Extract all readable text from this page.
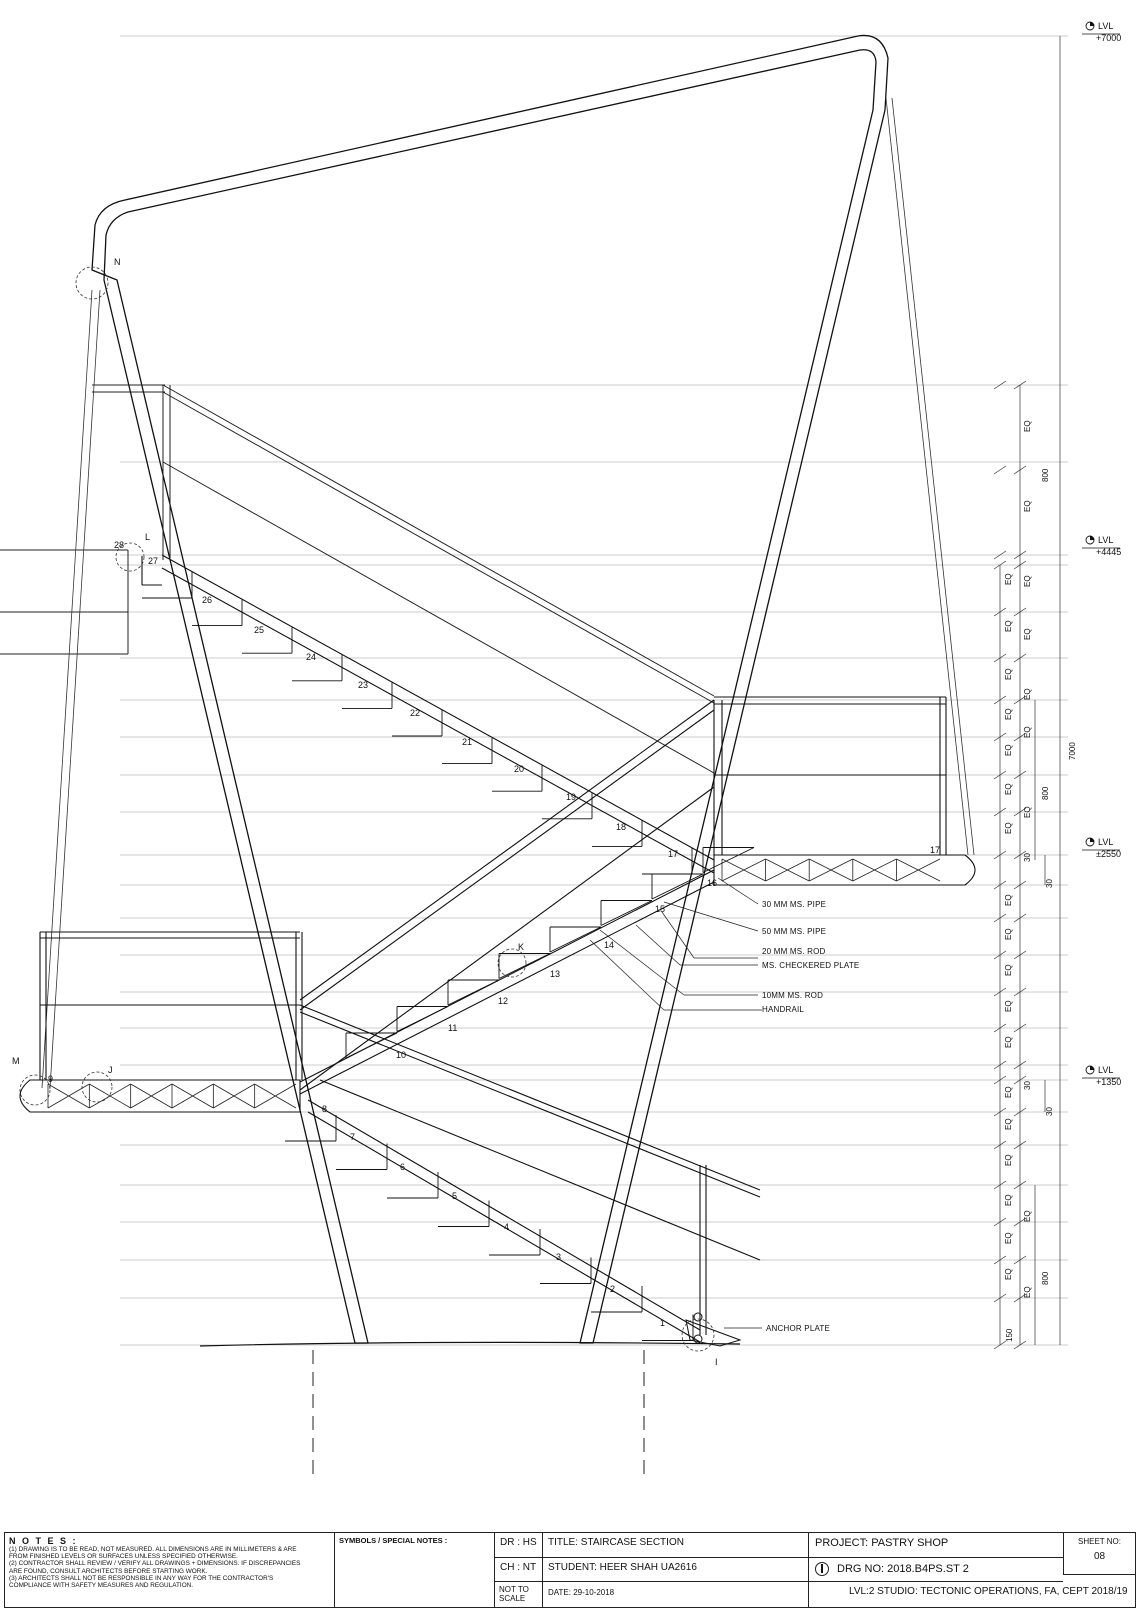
N
L
K
J
M
I
1
2
3
4
5
6
7
8
9
10
11
12
13
14
15
16
17
18
19
20
21
22
23
24
25
26
27
28
17
30 MM MS. PIPE
50 MM MS. PIPE
20 MM MS. ROD
MS. CHECKERED PLATE
10MM MS. ROD
HANDRAIL
ANCHOR PLATE
EQ
EQ
EQ
EQ
EQ
EQ
EQ
EQ
EQ
EQ
EQ
EQ
EQ
EQ
EQ
EQ
EQ
EQ
EQ
EQ
EQ
EQ
EQ
EQ
EQ
EQ
EQ
7000
800
800
800
30
30
30
30
150
LVL
+7000
LVL
+4445
LVL
±2550
LVL
+1350
N O T E S :
(1) DRAWING IS TO BE READ, NOT MEASURED. ALL DIMENSIONS ARE IN MILLIMETERS & ARE
FROM FINISHED LEVELS OR SURFACES UNLESS SPECIFIED OTHERWISE.
(2) CONTRACTOR SHALL REVIEW / VERIFY ALL DRAWINGS + DIMENSIONS. IF DISCREPANCIES
ARE FOUND, CONSULT ARCHITECTS BEFORE STARTING WORK.
(3) ARCHITECTS SHALL NOT BE RESPONSIBLE IN ANY WAY FOR THE CONTRACTOR'S
COMPLIANCE WITH SAFETY MEASURES AND REGULATION.
SYMBOLS / SPECIAL NOTES :	DR : HS
CH : NT
NOT TO SCALE
TITLE: STAIRCASE SECTION
STUDENT: HEER SHAH UA2616
DATE: 29-10-2018
PROJECT: PASTRY SHOP	SHEET NO:
08
DRG NO: 2018.B4PS.ST 2
LVL:2 STUDIO: TECTONIC OPERATIONS, FA, CEPT 2018/19
